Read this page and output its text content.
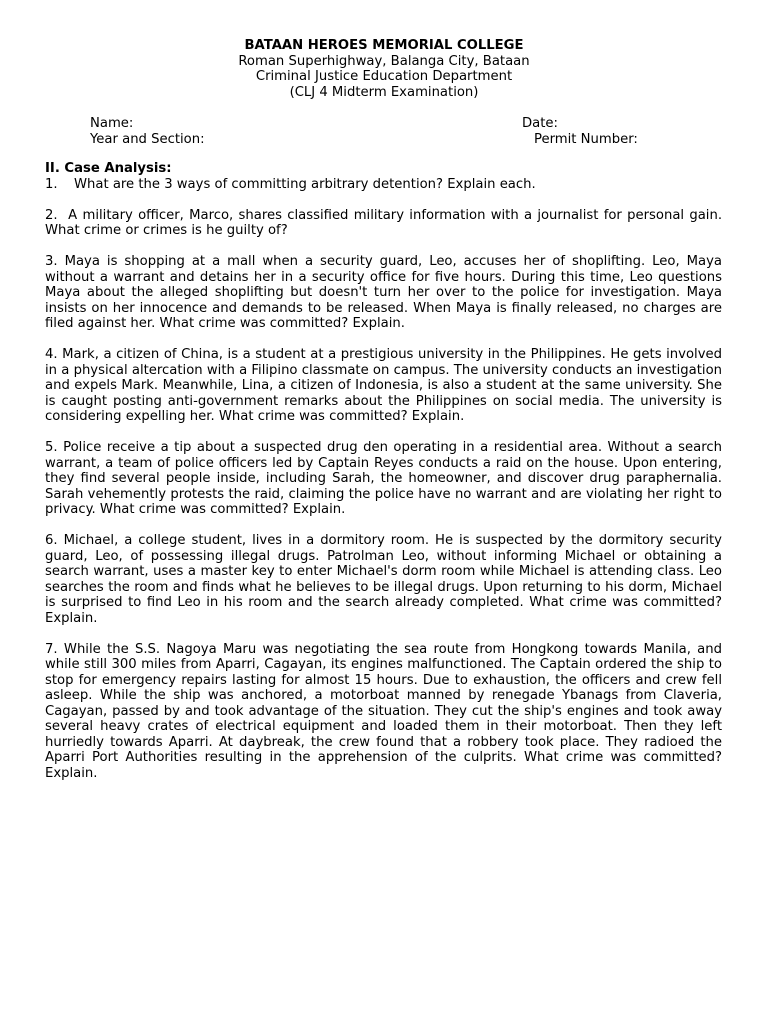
BATAAN HEROES MEMORIAL COLLEGE
Roman Superhighway, Balanga City, Bataan
Criminal Justice Education Department
(CLJ 4 Midterm Examination)
Name:
Year and Section:
Date:
Permit Number:

II. Case Analysis:

1. What are the 3 ways of committing arbitrary detention? Explain each.

2. A military officer, Marco, shares classified military information with a journalist for personal gain. What crime or crimes is he guilty of?

3. Maya is shopping at a mall when a security guard, Leo, accuses her of shoplifting. Leo, Maya without a warrant and detains her in a security office for five hours. During this time, Leo questions Maya about the alleged shoplifting but doesn't turn her over to the police for investigation. Maya insists on her innocence and demands to be released. When Maya is finally released, no charges are filed against her. What crime was committed? Explain.

4. Mark, a citizen of China, is a student at a prestigious university in the Philippines. He gets involved in a physical altercation with a Filipino classmate on campus. The university conducts an investigation and expels Mark. Meanwhile, Lina, a citizen of Indonesia, is also a student at the same university. She is caught posting anti-government remarks about the Philippines on social media. The university is considering expelling her. What crime was committed? Explain.

5. Police receive a tip about a suspected drug den operating in a residential area. Without a search warrant, a team of police officers led by Captain Reyes conducts a raid on the house. Upon entering, they find several people inside, including Sarah, the homeowner, and discover drug paraphernalia. Sarah vehemently protests the raid, claiming the police have no warrant and are violating her right to privacy. What crime was committed? Explain.

6. Michael, a college student, lives in a dormitory room. He is suspected by the dormitory security guard, Leo, of possessing illegal drugs. Patrolman Leo, without informing Michael or obtaining a search warrant, uses a master key to enter Michael's dorm room while Michael is attending class. Leo searches the room and finds what he believes to be illegal drugs. Upon returning to his dorm, Michael is surprised to find Leo in his room and the search already completed. What crime was committed? Explain.

7. While the S.S. Nagoya Maru was negotiating the sea route from Hongkong towards Manila, and while still 300 miles from Aparri, Cagayan, its engines malfunctioned. The Captain ordered the ship to stop for emergency repairs lasting for almost 15 hours. Due to exhaustion, the officers and crew fell asleep. While the ship was anchored, a motorboat manned by renegade Ybanags from Claveria, Cagayan, passed by and took advantage of the situation. They cut the ship's engines and took away several heavy crates of electrical equipment and loaded them in their motorboat. Then they left hurriedly towards Aparri. At daybreak, the crew found that a robbery took place. They radioed the Aparri Port Authorities resulting in the apprehension of the culprits. What crime was committed? Explain.
